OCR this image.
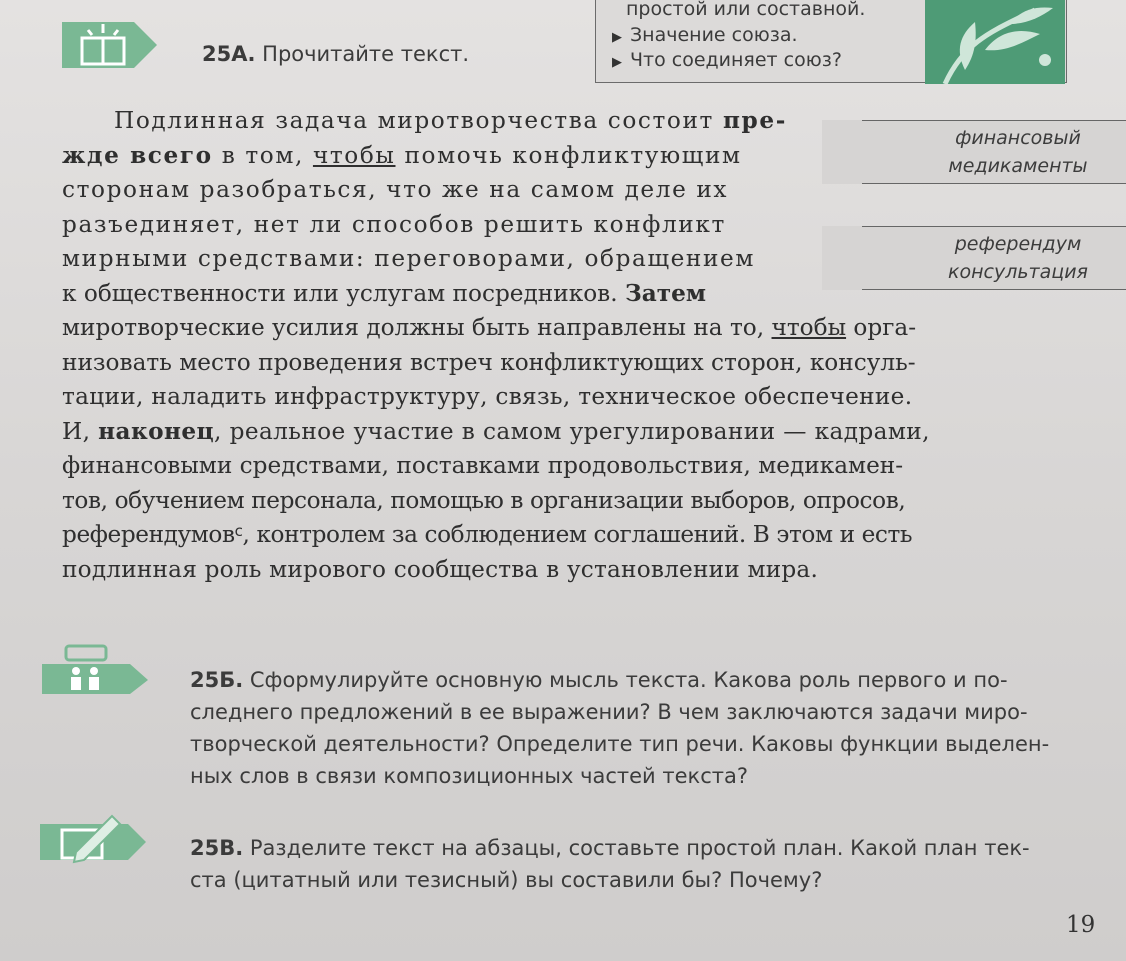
простой или составной.
▶ Значение союза.
▶ Что соединяет союз?
25А. Прочитайте текст.
финансовый
медикаменты
референдум
консультация
Подлинная задача миротворчества состоит пре-
жде всего в том, чтобы помочь конфликтующим
сторонам разобраться, что же на самом деле их
разъединяет, нет ли способов решить конфликт
мирными средствами: переговорами, обращением
к общественности или услугам посредников. Затем
миротворческие усилия должны быть направлены на то, чтобы орга-
низовать место проведения встреч конфликтующих сторон, консуль-
тации, наладить инфраструктуру, связь, техническое обеспечение.
И, наконец, реальное участие в самом урегулировании — кадрами,
финансовыми средствами, поставками продовольствия, медикамен-
тов, обучением персонала, помощью в организации выборов, опросов,
референдумов$^с$, контролем за соблюдением соглашений. В этом и есть
подлинная роль мирового сообщества в установлении мира.
25Б. Сформулируйте основную мысль текста. Какова роль первого и по-
следнего предложений в ее выражении? В чем заключаются задачи миро-
творческой деятельности? Определите тип речи. Каковы функции выделен-
ных слов в связи композиционных частей текста?
25В. Разделите текст на абзацы, составьте простой план. Какой план тек-
ста (цитатный или тезисный) вы составили бы? Почему?
19
